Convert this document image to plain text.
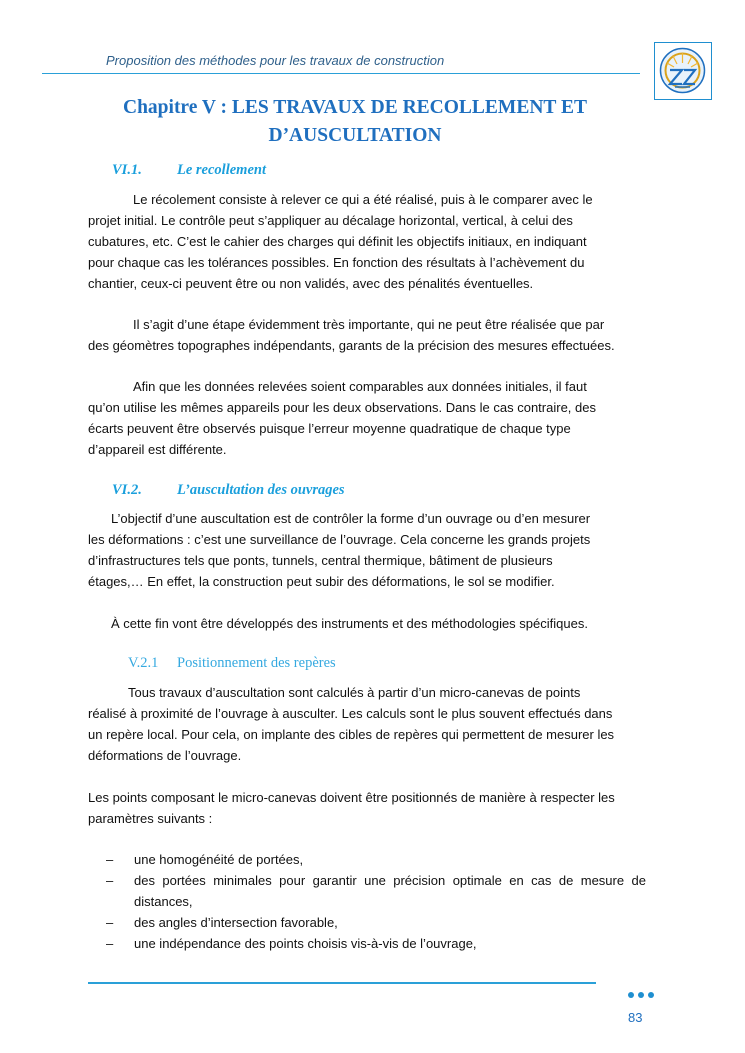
Proposition des méthodes pour les travaux de construction
Chapitre V : LES TRAVAUX DE RECOLLEMENT ET
D’AUSCULTATION
VI.1. Le recollement
Le récolement consiste à relever ce qui a été réalisé, puis à le comparer avec le
projet initial. Le contrôle peut s’appliquer au décalage horizontal, vertical, à celui des
cubatures, etc. C’est le cahier des charges qui définit les objectifs initiaux, en indiquant
pour chaque cas les tolérances possibles. En fonction des résultats à l’achèvement du
chantier, ceux-ci peuvent être ou non validés, avec des pénalités éventuelles.
Il s’agit d’une étape évidemment très importante, qui ne peut être réalisée que par
des géomètres topographes indépendants, garants de la précision des mesures effectuées.
Afin que les données relevées soient comparables aux données initiales, il faut
qu’on utilise les mêmes appareils pour les deux observations. Dans le cas contraire, des
écarts peuvent être observés puisque l’erreur moyenne quadratique de chaque type
d’appareil est différente.
VI.2. L’auscultation des ouvrages
L’objectif d’une auscultation est de contrôler la forme d’un ouvrage ou d’en mesurer
les déformations : c’est une surveillance de l’ouvrage. Cela concerne les grands projets
d’infrastructures tels que ponts, tunnels, central thermique, bâtiment de plusieurs
étages,… En effet, la construction peut subir des déformations, le sol se modifier.
À cette fin vont être développés des instruments et des méthodologies spécifiques.
V.2.1 Positionnement des repères
Tous travaux d’auscultation sont calculés à partir d’un micro-canevas de points
réalisé à proximité de l’ouvrage à ausculter. Les calculs sont le plus souvent effectués dans
un repère local. Pour cela, on implante des cibles de repères qui permettent de mesurer les
déformations de l’ouvrage.
Les points composant le micro-canevas doivent être positionnés de manière à respecter les
paramètres suivants :
– une homogénéité de portées,
– des portées minimales pour garantir une précision optimale en cas de mesure de distances,
– des angles d’intersection favorable,
– une indépendance des points choisis vis-à-vis de l’ouvrage,
83
